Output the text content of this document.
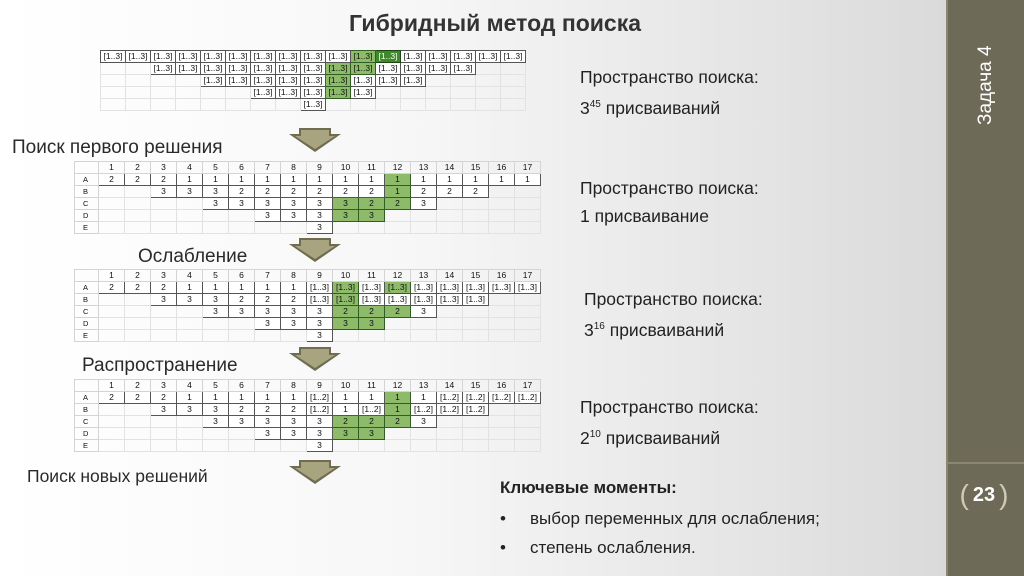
Гибридный метод поиска
Задача 4
( 23 )
[1..3]	[1..3]	[1..3]	[1..3]	[1..3]	[1..3]	[1..3]	[1..3]	[1..3]	[1..3]	[1..3]	[1..3]	[1..3]	[1..3]	[1..3]	[1..3]	[1..3]
		[1..3]	[1..3]	[1..3]	[1..3]	[1..3]	[1..3]	[1..3]	[1..3]	[1..3]	[1..3]	[1..3]	[1..3]	[1..3]		
				[1..3]	[1..3]	[1..3]	[1..3]	[1..3]	[1..3]	[1..3]	[1..3]	[1..3]				
						[1..3]	[1..3]	[1..3]	[1..3]	[1..3]						
								[1..3]								
	1	2	3	4	5	6	7	8	9	10	11	12	13	14	15	16	17
A	2	2	2	1	1	1	1	1	1	1	1	1	1	1	1	1	1
B			3	3	3	2	2	2	2	2	2	1	2	2	2		
C					3	3	3	3	3	3	2	2	3				
D							3	3	3	3	3						
E									3								
	1	2	3	4	5	6	7	8	9	10	11	12	13	14	15	16	17
A	2	2	2	1	1	1	1	1	[1..3]	[1..3]	[1..3]	[1..3]	[1..3]	[1..3]	[1..3]	[1..3]	[1..3]
B			3	3	3	2	2	2	[1..3]	[1..3]	[1..3]	[1..3]	[1..3]	[1..3]	[1..3]		
C					3	3	3	3	3	2	2	2	3				
D							3	3	3	3	3						
E									3								
	1	2	3	4	5	6	7	8	9	10	11	12	13	14	15	16	17
A	2	2	2	1	1	1	1	1	[1..2]	1	1	1	1	[1..2]	[1..2]	[1..2]	[1..2]
B			3	3	3	2	2	2	[1..2]	1	[1..2]	1	[1..2]	[1..2]	[1..2]		
C					3	3	3	3	3	2	2	2	3				
D							3	3	3	3	3						
E									3								
Поиск первого решения
Ослабление
Распространение
Поиск новых решений
Пространство поиска:
$3^{45}$ присваиваний
Пространство поиска:
1 присваивание
Пространство поиска:
$3^{16}$ присваиваний
Пространство поиска:
$2^{10}$ присваиваний
Ключевые моменты:
• выбор переменных для ослабления;
• степень ослабления.
